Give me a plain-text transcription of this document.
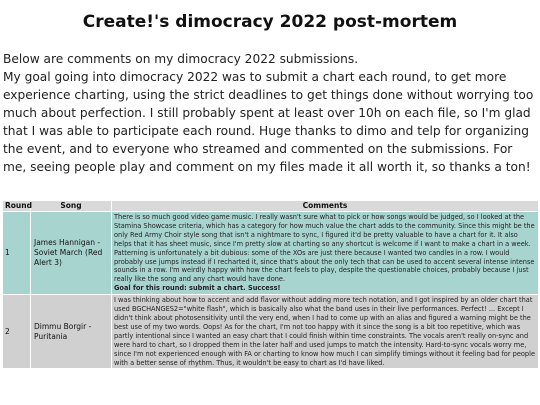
Create!'s dimocracy 2022 post-mortem

Below are comments on my dimocracy 2022 submissions.

My goal going into dimocracy 2022 was to submit a chart each round, to get more experience charting, using the strict deadlines to get things done without worrying too much about perfection. I still probably spent at least over 10h on each file, so I'm glad that I was able to participate each round. Huge thanks to dimo and telp for organizing the event, and to everyone who streamed and commented on the submissions. For me, seeing people play and comment on my files made it all worth it, so thanks a ton!

Round	Song	Comments
1	James Hannigan - Soviet March (Red Alert 3)	There is so much good video game music. I really wasn't sure what to pick or how songs would be judged, so I looked at the Stamina Showcase criteria, which has a category for how much value the chart adds to the community. Since this might be the only Red Army Choir style song that isn't a nightmare to sync, I figured it'd be pretty valuable to have a chart for it. It also helps that it has sheet music, since I'm pretty slow at charting so any shortcut is welcome if I want to make a chart in a week. Patterning is unfortunately a bit dubious: some of the XOs are just there because I wanted two candles in a row. I would probably use jumps instead if I recharted it, since that's about the only tech that can be used to accent several intense intense sounds in a row. I'm weirdly happy with how the chart feels to play, despite the questionable choices, probably because I just really like the song and any chart would have done.
Goal for this round: submit a chart. Success!

2	Dimmu Borgir - Puritania	I was thinking about how to accent and add flavor without adding more tech notation, and I got inspired by an older chart that used BGCHANGES2="white flash", which is basically also what the band uses in their live performances. Perfect! ... Except I didn't think about photosensitivity until the very end, when I had to come up with an alias and figured a warning might be the best use of my two words. Oops! As for the chart, I'm not too happy with it since the song is a bit too repetitive, which was partly intentional since I wanted an easy chart that I could finish within time constraints. The vocals aren't really on-sync and were hard to chart, so I dropped them in the later half and used jumps to match the intensity. Hard-to-sync vocals worry me, since I'm not experienced enough with FA or charting to know how much I can simplify timings without it feeling bad for people with a better sense of rhythm. Thus, it wouldn't be easy to chart as I'd have liked.
